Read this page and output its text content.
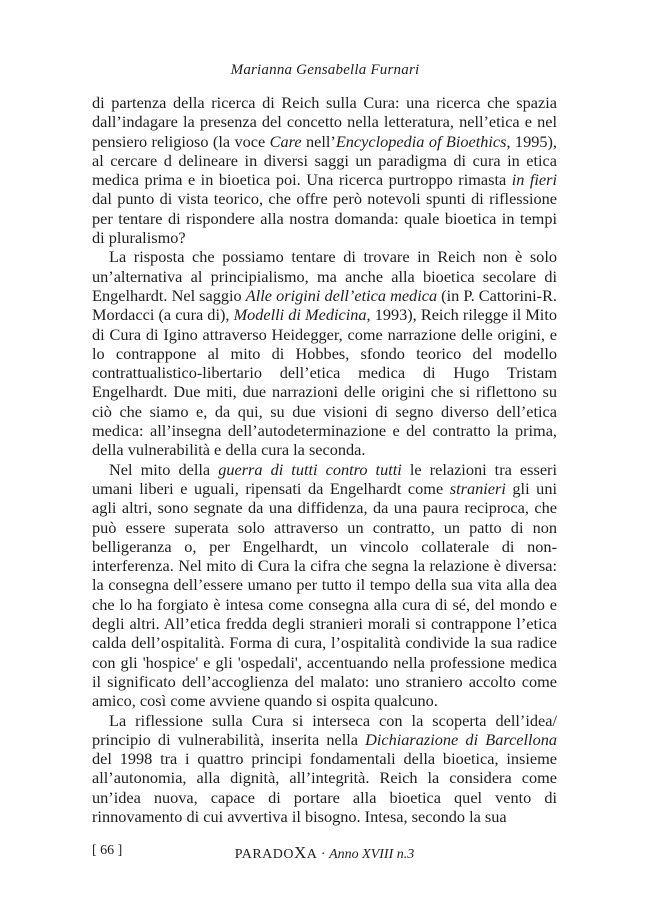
Marianna Gensabella Furnari

di partenza della ricerca di Reich sulla Cura: una ricerca che spazia dall’indagare la presenza del concetto nella letteratura, nell’etica e nel pensiero religioso (la voce Care nell’Encyclopedia of Bioethics, 1995), al cercare d delineare in diversi saggi un paradigma di cura in etica medica prima e in bioetica poi. Una ricerca purtroppo rimasta in fieri dal punto di vista teorico, che offre però notevoli spunti di riflessione per tentare di rispondere alla nostra domanda: quale bioetica in tempi di pluralismo?

La risposta che possiamo tentare di trovare in Reich non è solo un’alternativa al principialismo, ma anche alla bioetica secolare di Engelhardt. Nel saggio Alle origini dell’etica medica (in P. Cattorini-R. Mordacci (a cura di), Modelli di Medicina, 1993), Reich rilegge il Mito di Cura di Igino attraverso Heidegger, come narrazione delle origini, e lo contrappone al mito di Hobbes, sfondo teorico del modello contrattualistico-libertario dell’etica medica di Hugo Tristam Engelhardt. Due miti, due narrazioni delle origini che si riflettono su ciò che siamo e, da qui, su due visioni di segno diverso dell’etica medica: all’insegna dell’autodeterminazione e del contratto la prima, della vulnerabilità e della cura la seconda.

Nel mito della guerra di tutti contro tutti le relazioni tra esseri umani liberi e uguali, ripensati da Engelhardt come stranieri gli uni agli altri, sono segnate da una diffidenza, da una paura reciproca, che può essere superata solo attraverso un contratto, un patto di non belligeranza o, per Engelhardt, un vincolo collaterale di non-interferenza. Nel mito di Cura la cifra che segna la relazione è diversa: la consegna dell’essere umano per tutto il tempo della sua vita alla dea che lo ha forgiato è intesa come consegna alla cura di sé, del mondo e degli altri. All’etica fredda degli stranieri morali si contrappone l’etica calda dell’ospitalità. Forma di cura, l’ospitalità condivide la sua radice con gli 'hospice' e gli 'ospedali', accentuando nella professione medica il significato dell’accoglienza del malato: uno straniero accolto come amico, così come avviene quando si ospita qualcuno.

La riflessione sulla Cura si interseca con la scoperta dell’idea/ principio di vulnerabilità, inserita nella Dichiarazione di Barcellona del 1998 tra i quattro principi fondamentali della bioetica, insieme all’autonomia, alla dignità, all’integrità. Reich la considera come un’idea nuova, capace di portare alla bioetica quel vento di rinnovamento di cui avvertiva il bisogno. Intesa, secondo la sua

[ 66 ]	PARADOXA · Anno XVIII n.3
